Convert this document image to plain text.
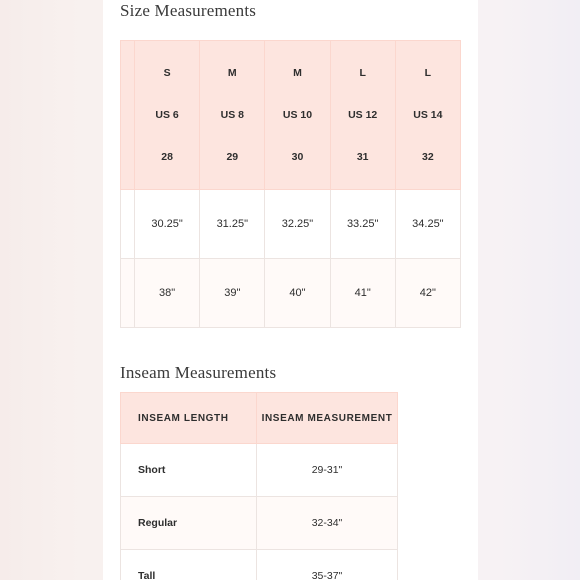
Size Measurements

	S
US 6
28	M
US 8
29	M
US 10
30	L
US 12
31	L
US 14
32

	30.25"	31.25"	32.25"	33.25"	34.25"
	38"	39"	40"	41"	42"
Inseam Measurements
INSEAM LENGTH	INSEAM MEASUREMENT
Short	29-31"
Regular	32-34"
Tall	35-37"
